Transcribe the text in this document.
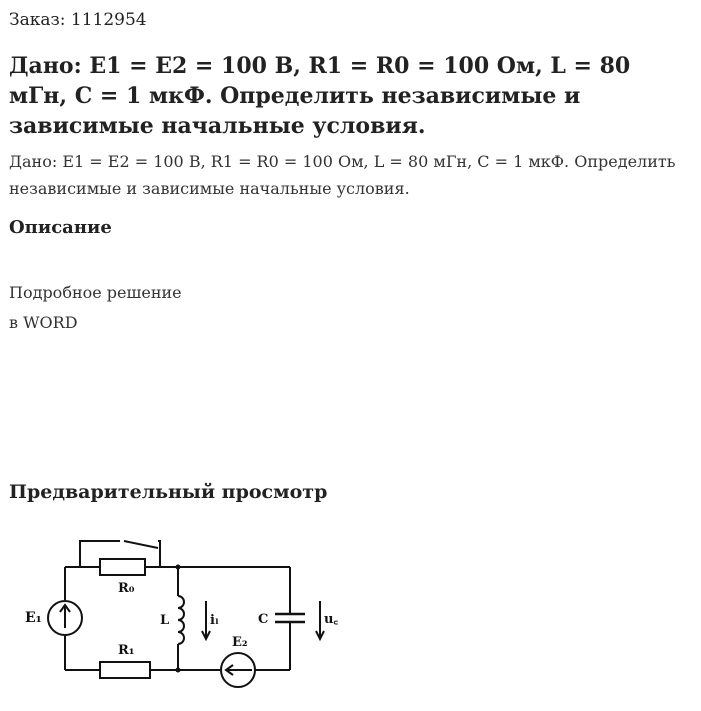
Заказ: 1112954
Дано: E1 = E2 = 100 В, R1 = R0 = 100 Ом, L = 80 мГн, C = 1 мкФ. Определить независимые и зависимые начальные условия.
Дано: E1 = E2 = 100 В, R1 = R0 = 100 Ом, L = 80 мГн, C = 1 мкФ. Определить независимые и зависимые начальные условия.
Описание
Подробное решение
в WORD
Предварительный просмотр
R₀
R₁
E₁
E₂
L	iₗ	C	u꜀
